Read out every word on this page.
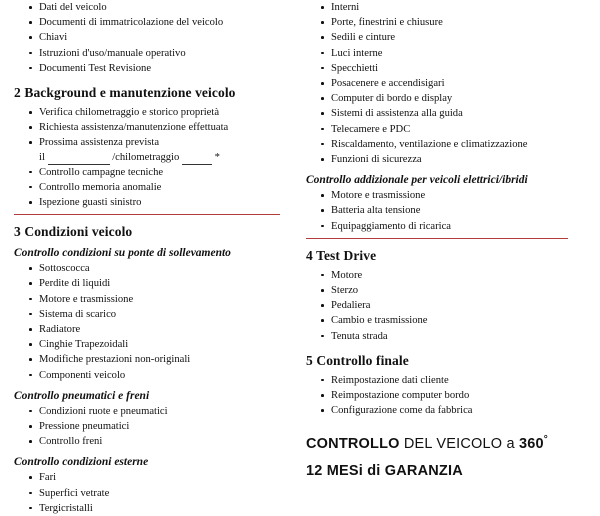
Dati del veicolo
Documenti di immatricolazione del veicolo
Chiavi
Istruzioni d'uso/manuale operativo
Documenti Test Revisione
2 Background e manutenzione veicolo
Verifica chilometraggio e storico proprietà
Richiesta assistenza/manutenzione effettuata
Prossima assistenza prevista
il	/chilometraggio	*
Controllo campagne tecniche
Controllo memoria anomalie
Ispezione guasti sinistro
3 Condizioni veicolo
Controllo condizioni su ponte di sollevamento
Sottoscocca
Perdite di liquidi
Motore e trasmissione
Sistema di scarico
Radiatore
Cinghie Trapezoidali
Modifiche prestazioni non-originali
Componenti veicolo
Controllo pneumatici e freni
Condizioni ruote e pneumatici
Pressione pneumatici
Controllo freni
Controllo condizioni esterne
Fari
Superfici vetrate
Tergicristalli
Interni
Porte, finestrini e chiusure
Sedili e cinture
Luci interne
Specchietti
Posacenere e accendisigari
Computer di bordo e display
Sistemi di assistenza alla guida
Telecamere e PDC
Riscaldamento, ventilazione e climatizzazione
Funzioni di sicurezza
Controllo addizionale per veicoli elettrici/ibridi
Motore e trasmissione
Batteria alta tensione
Equipaggiamento di ricarica
4 Test Drive
Motore
Sterzo
Pedaliera
Cambio e trasmissione
Tenuta strada
5 Controllo finale
Reimpostazione dati cliente
Reimpostazione computer bordo
Configurazione come da fabbrica
CONTROLLO DEL VEICOLO a 360°
12 MESi di GARANZIA
